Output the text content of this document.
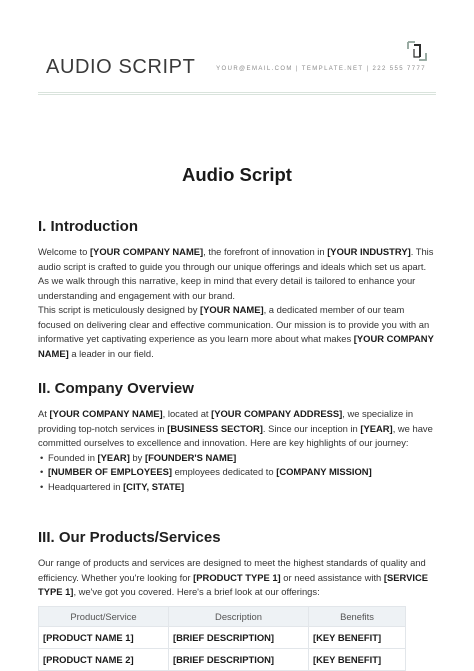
AUDIO SCRIPT	YOUR@EMAIL.COM | TEMPLATE.NET | 222 555 7777
Audio Script
I. Introduction

Welcome to [YOUR COMPANY NAME], the forefront of innovation in [YOUR INDUSTRY]. This audio script is crafted to guide you through our unique offerings and ideals which set us apart. As we walk through this narrative, keep in mind that every detail is tailored to enhance your understanding and engagement with our brand.

This script is meticulously designed by [YOUR NAME], a dedicated member of our team focused on delivering clear and effective communication. Our mission is to provide you with an informative yet captivating experience as you learn more about what makes [YOUR COMPANY NAME] a leader in our field.

II. Company Overview

At [YOUR COMPANY NAME], located at [YOUR COMPANY ADDRESS], we specialize in providing top-notch services in [BUSINESS SECTOR]. Since our inception in [YEAR], we have committed ourselves to excellence and innovation. Here are key highlights of our journey:

• Founded in [YEAR] by [FOUNDER'S NAME]
• [NUMBER OF EMPLOYEES] employees dedicated to [COMPANY MISSION]
• Headquartered in [CITY, STATE]
III. Our Products/Services

Our range of products and services are designed to meet the highest standards of quality and efficiency. Whether you're looking for [PRODUCT TYPE 1] or need assistance with [SERVICE TYPE 1], we've got you covered. Here's a brief look at our offerings:

Product/Service	Description	Benefits
[PRODUCT NAME 1]	[BRIEF DESCRIPTION]	[KEY BENEFIT]
[PRODUCT NAME 2]	[BRIEF DESCRIPTION]	[KEY BENEFIT]
